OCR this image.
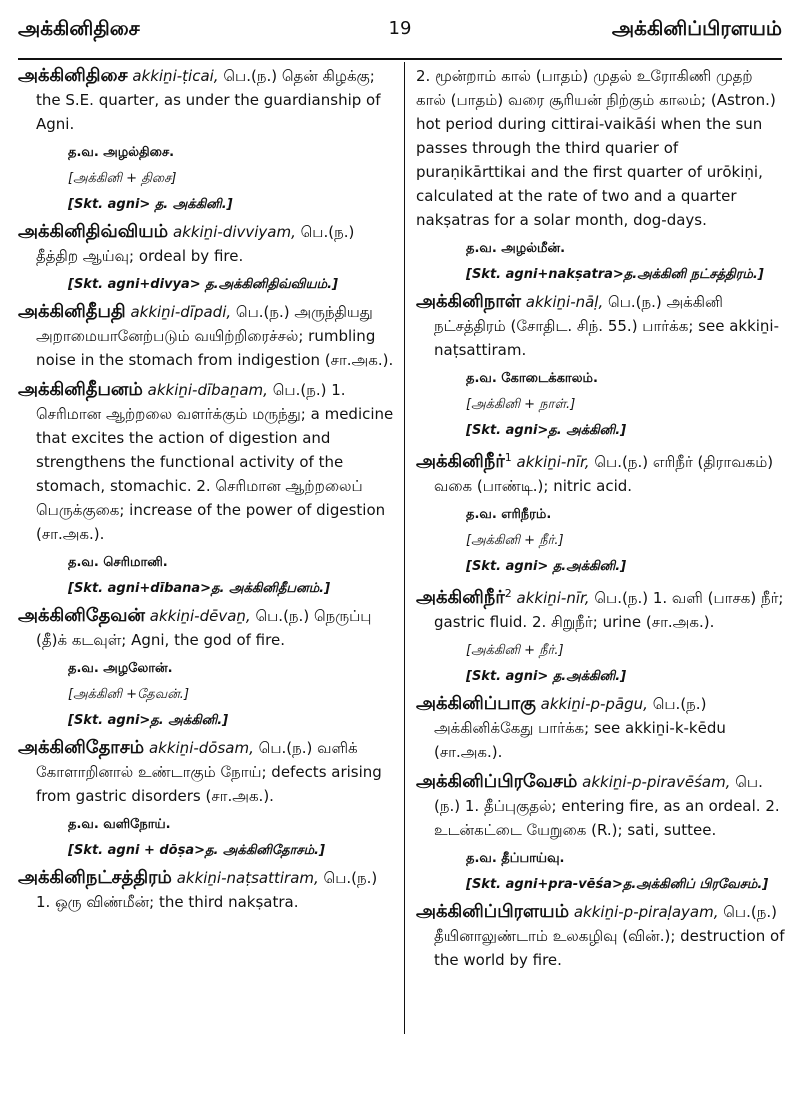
அக்கினிதிசை	19	அக்கினிப்பிரளயம்

அக்கினிதிசை akkiṉi-ṭicai, பெ.(ந.) தென் கிழக்கு; the S.E. quarter, as under the guardianship of Agni.

த.வ. அழல்திசை.
[அக்கினி + திசை]
[Skt. agni> த. அக்கினி.]

அக்கினிதிவ்வியம் akkiṉi-divviyam, பெ.(ந.) தீத்திற ஆய்வு; ordeal by fire.

[Skt. agni+divya> த.அக்கினிதிவ்வியம்.]

அக்கினிதீபதி akkiṉi-dīpadi, பெ.(ந.) அருந்தியது அறாமையானேற்படும் வயிற்றிரைச்சல்; rumbling noise in the stomach from indigestion (சா.அக.).

அக்கினிதீபனம் akkiṉi-dībaṉam, பெ.(ந.) 1. செரிமான ஆற்றலை வளர்க்கும் மருந்து; a medicine that excites the action of digestion and strengthens the functional activity of the stomach, stomachic. 2. செரிமான ஆற்றலைப் பெருக்குகை; increase of the power of digestion (சா.அக.).

த.வ. செரிமானி.
[Skt. agni+dībana>த. அக்கினிதீபனம்.]

அக்கினிதேவன் akkiṉi-dēvaṉ, பெ.(ந.) நெருப்பு (தீ)க் கடவுள்; Agni, the god of fire.

த.வ. அழலோன்.
[அக்கினி +தேவன்.]
[Skt. agni>த. அக்கினி.]

அக்கினிதோசம் akkiṉi-dōsam, பெ.(ந.) வளிக் கோளாறினால் உண்டாகும் நோய்; defects arising from gastric disorders (சா.அக.).

த.வ. வளிநோய்.
[Skt. agni + dōṣa>த. அக்கினிதோசம்.]

அக்கினிநட்சத்திரம் akkiṉi-naṭsattiram, பெ.(ந.) 1. ஒரு விண்மீன்; the third nakṣatra.

2. மூன்றாம் கால் (பாதம்) முதல் உரோகிணி முதற் கால் (பாதம்) வரை சூரியன் நிற்கும் காலம்; (Astron.) hot period during cittirai-vaikāśi when the sun passes through the third quarier of puraṇikārttikai and the first quarter of urōkiṇi, calculated at the rate of two and a quarter nakṣatras for a solar month, dog-days.

த.வ. அழல்மீன்.
[Skt. agni+nakṣatra>த.அக்கினி நட்சத்திரம்.]

அக்கினிநாள் akkiṉi-nāḷ, பெ.(ந.) அக்கினி நட்சத்திரம் (சோதிட. சிந். 55.) பார்க்க; see akkiṉi-naṭsattiram.

த.வ. கோடைக்காலம்.
[அக்கினி + நாள்.]
[Skt. agni>த. அக்கினி.]

அக்கினிநீர்$^1$ akkiṉi-nīr, பெ.(ந.) எரிநீர் (திராவகம்) வகை (பாண்டி.); nitric acid.

த.வ. எரிநீரம்.
[அக்கினி + நீர்.]
[Skt. agni> த.அக்கினி.]

அக்கினிநீர்$^2$ akkiṉi-nīr, பெ.(ந.) 1. வளி (பாசக) நீர்; gastric fluid. 2. சிறுநீர்; urine (சா.அக.).

[அக்கினி + நீர்.]
[Skt. agni> த.அக்கினி.]

அக்கினிப்பாகு akkiṉi-p-pāgu, பெ.(ந.) அக்கினிக்கேது பார்க்க; see akkiṉi-k-kēdu (சா.அக.).

அக்கினிப்பிரவேசம் akkiṉi-p-piravēśam, பெ.(ந.) 1. தீப்புகுதல்; entering fire, as an ordeal. 2. உடன்கட்டை யேறுகை (R.); sati, suttee.

த.வ. தீப்பாய்வு.
[Skt. agni+pra-vēśa>த.அக்கினிப் பிரவேசம்.]

அக்கினிப்பிரளயம் akkiṉi-p-piraḷayam, பெ.(ந.) தீயினாலுண்டாம் உலகழிவு (வின்.); destruction of the world by fire.
